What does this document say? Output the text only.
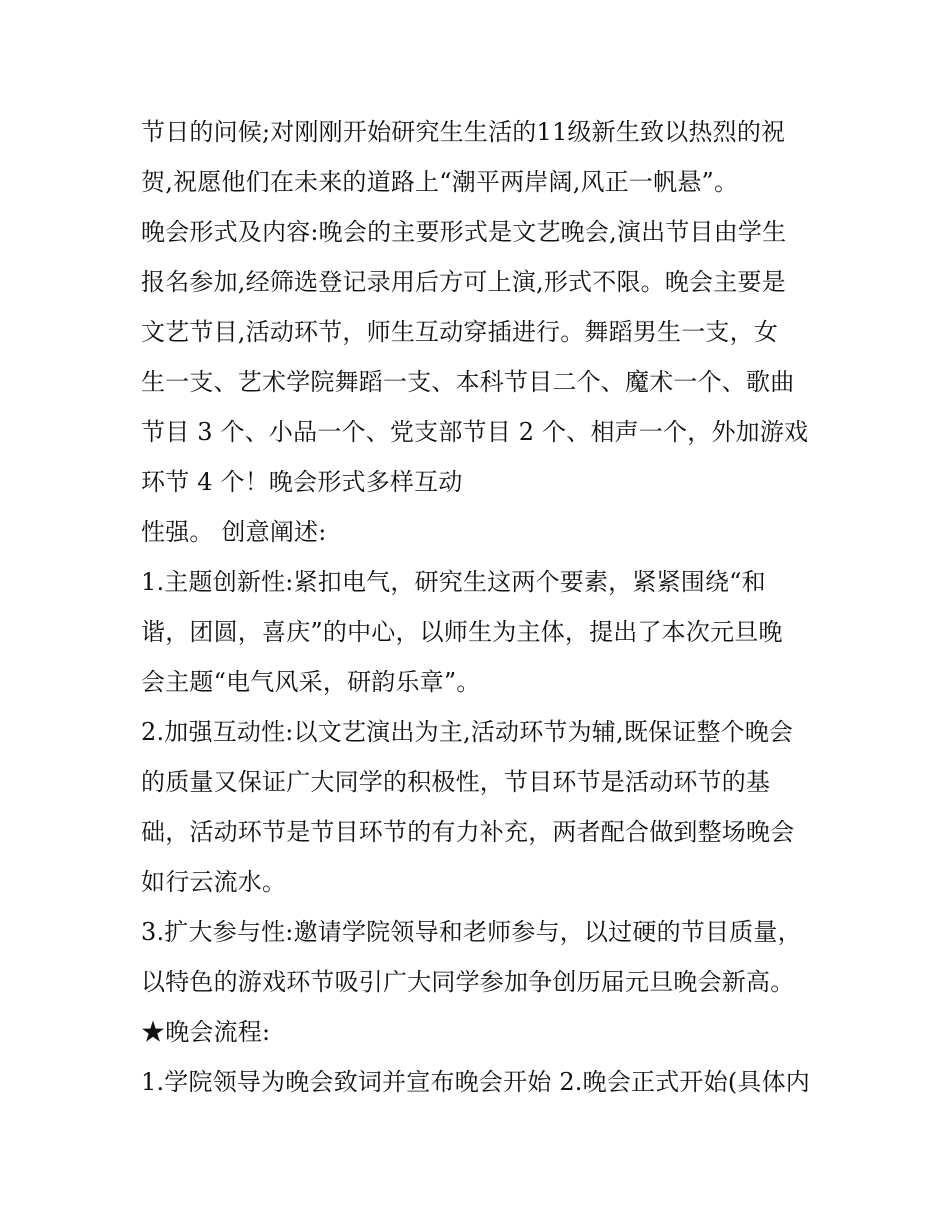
节日的问候;对刚刚开始研究生生活的11级新生致以热烈的祝
贺,祝愿他们在未来的道路上“潮平两岸阔,风正一帆悬”。
晚会形式及内容:晚会的主要形式是文艺晚会,演出节目由学生
报名参加,经筛选登记录用后方可上演,形式不限。晚会主要是
文艺节目,活动环节，师生互动穿插进行。舞蹈男生一支，女
生一支、艺术学院舞蹈一支、本科节目二个、魔术一个、歌曲
节目 3 个、小品一个、党支部节目 2 个、相声一个，外加游戏
环节 4 个！晚会形式多样互动
性强。 创意阐述:
1.主题创新性:紧扣电气，研究生这两个要素，紧紧围绕“和
谐，团圆，喜庆”的中心，以师生为主体，提出了本次元旦晚
会主题“电气风采，研韵乐章”。
2.加强互动性:以文艺演出为主,活动环节为辅,既保证整个晚会
的质量又保证广大同学的积极性，节目环节是活动环节的基
础，活动环节是节目环节的有力补充，两者配合做到整场晚会
如行云流水。
3.扩大参与性:邀请学院领导和老师参与，以过硬的节目质量，
以特色的游戏环节吸引广大同学参加争创历届元旦晚会新高。
★晚会流程:
1.学院领导为晚会致词并宣布晚会开始 2.晚会正式开始(具体内
